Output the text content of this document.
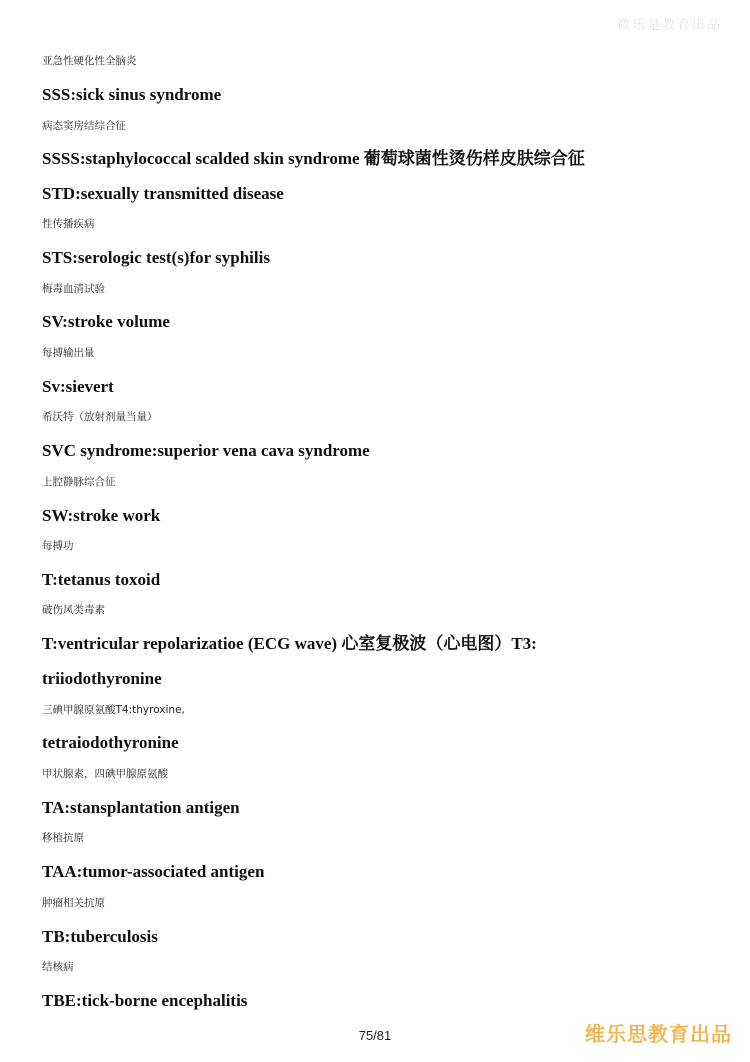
微乐是教育出品
亚急性硬化性全脑炎
SSS:sick sinus syndrome
病态窦房结综合征
SSSS:staphylococcal scalded skin syndrome 葡萄球菌性烫伤样皮肤综合征
STD:sexually transmitted disease
性传播疾病
STS:serologic test(s)for syphilis
梅毒血清试验
SV:stroke volume
每搏输出量
Sv:sievert
希沃特（放射剂量当量）
SVC syndrome:superior vena cava syndrome
上腔静脉综合征
SW:stroke work
每搏功
T:tetanus toxoid
破伤风类毒素
T:ventricular repolarizatioe (ECG wave) 心室复极波（心电图）T3:
triiodothyronine
三碘甲腺原氨酸T4:thyroxine,
tetraiodothyronine
甲状腺素，四碘甲腺原氨酸
TA:stansplantation antigen
移植抗原
TAA:tumor-associated antigen
肿瘤相关抗原
TB:tuberculosis
结核病
TBE:tick-borne encephalitis
75/81	维乐思教育出品
